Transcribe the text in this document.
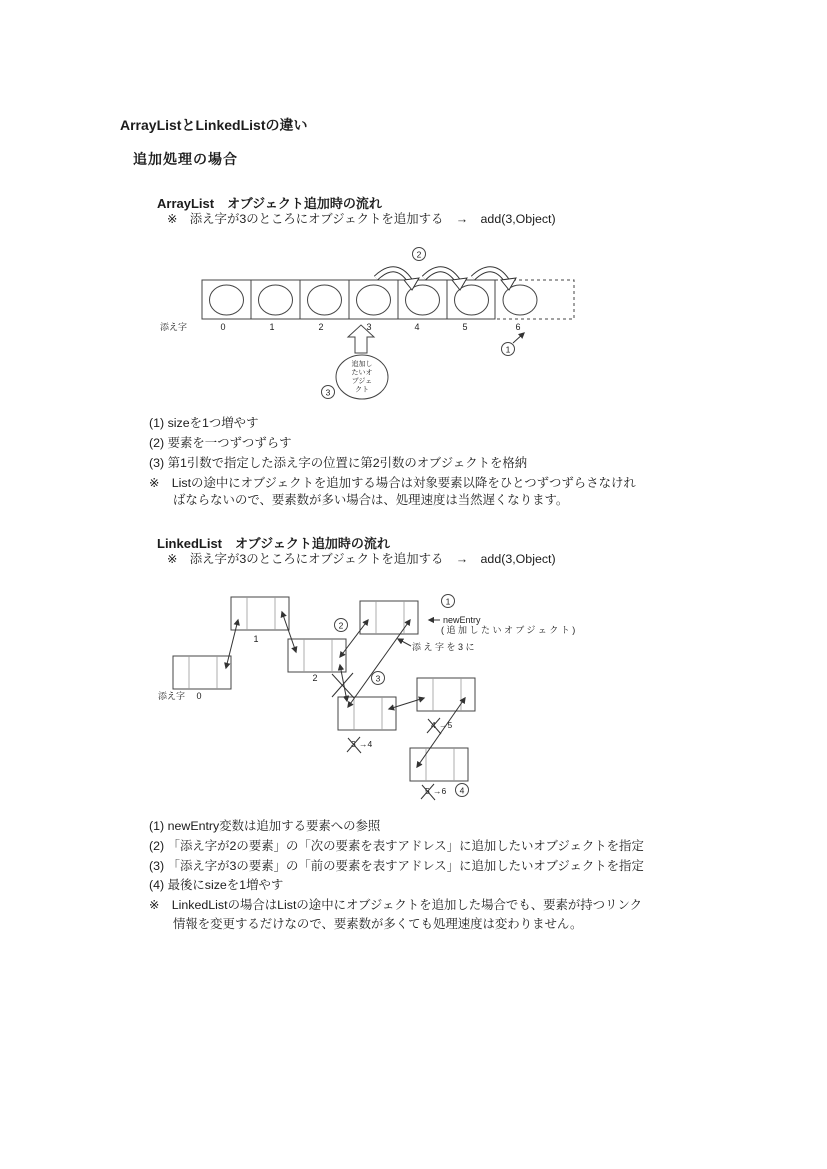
ArrayListとLinkedListの違い
追加処理の場合
ArrayList　オブジェクト追加時の流れ
※　添え字が3のところにオブジェクトを追加する　→　add(3,Object)
2
添え字	0	1	2	3	4	5	6
追加し
たいオ
ブジェ
クト
3
1
(1) sizeを1つ増やす
(2) 要素を一つずつずらす
(3) 第1引数で指定した添え字の位置に第2引数のオブジェクトを格納
※　Listの途中にオブジェクトを追加する場合は対象要素以降をひとつずつずらさなけれ
ばならないので、要素数が多い場合は、処理速度は当然遅くなります。
LinkedList　オブジェクト追加時の流れ
※　添え字が3のところにオブジェクトを追加する　→　add(3,Object)
添え字 0
1
2
1
2
3
4
newEntry
(追加したいオブジェクト)
添え字を3に
3 →4
4 →5
5 →6
(1) newEntry変数は追加する要素への参照
(2) 「添え字が2の要素」の「次の要素を表すアドレス」に追加したいオブジェクトを指定
(3) 「添え字が3の要素」の「前の要素を表すアドレス」に追加したいオブジェクトを指定
(4) 最後にsizeを1増やす
※　LinkedListの場合はListの途中にオブジェクトを追加した場合でも、要素が持つリンク
情報を変更するだけなので、要素数が多くても処理速度は変わりません。
